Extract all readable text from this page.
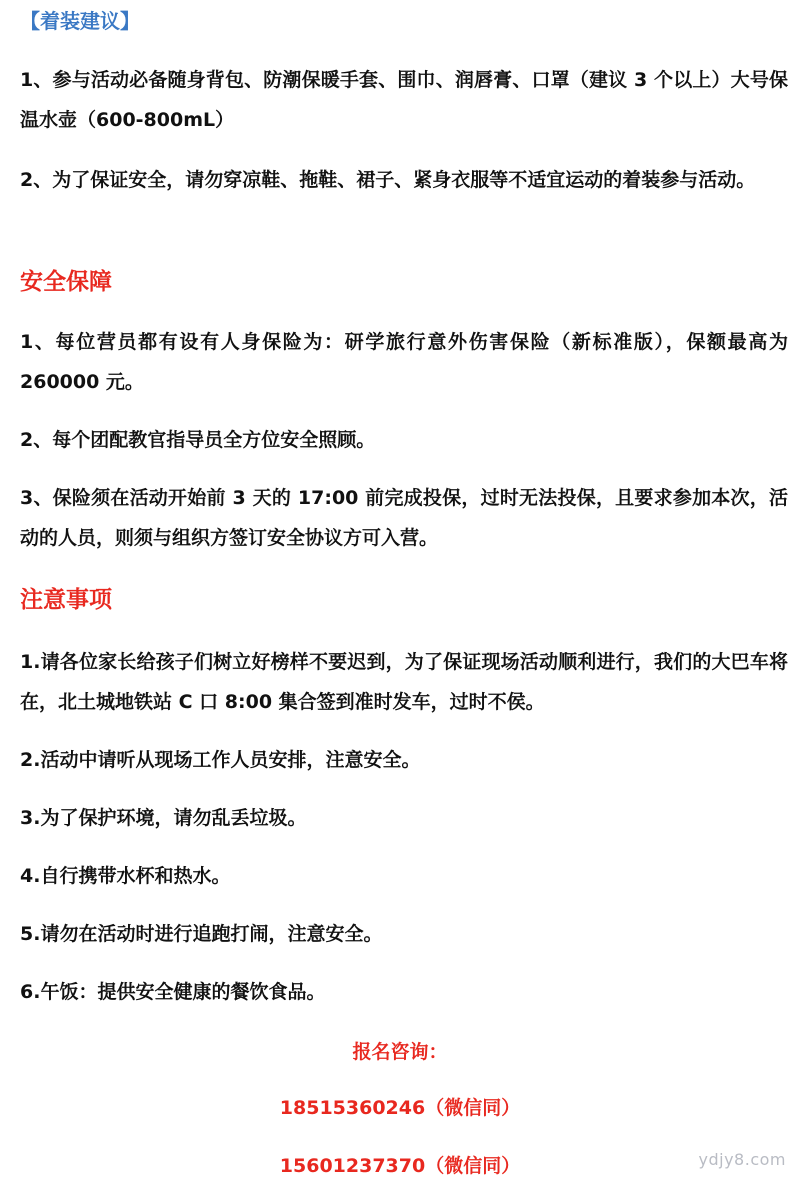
【着装建议】

1、参与活动必备随身背包、防潮保暖手套、围巾、润唇膏、口罩（建议 3 个以上）大号保温水壶（600-800mL）

2、为了保证安全，请勿穿凉鞋、拖鞋、裙子、紧身衣服等不适宜运动的着装参与活动。

安全保障

1、每位营员都有设有人身保险为：研学旅行意外伤害保险（新标准版），保额最高为 260000 元。

2、每个团配教官指导员全方位安全照顾。

3、保险须在活动开始前 3 天的 17:00 前完成投保，过时无法投保，且要求参加本次，活动的人员，则须与组织方签订安全协议方可入营。

注意事项

1.请各位家长给孩子们树立好榜样不要迟到，为了保证现场活动顺利进行，我们的大巴车将在，北土城地铁站 C 口 8:00 集合签到准时发车，过时不侯。

2.活动中请听从现场工作人员安排，注意安全。

3.为了保护环境，请勿乱丢垃圾。

4.自行携带水杯和热水。

5.请勿在活动时进行追跑打闹，注意安全。

6.午饭：提供安全健康的餐饮食品。

报名咨询：

18515360246（微信同）

15601237370（微信同）	ydjy8.com
